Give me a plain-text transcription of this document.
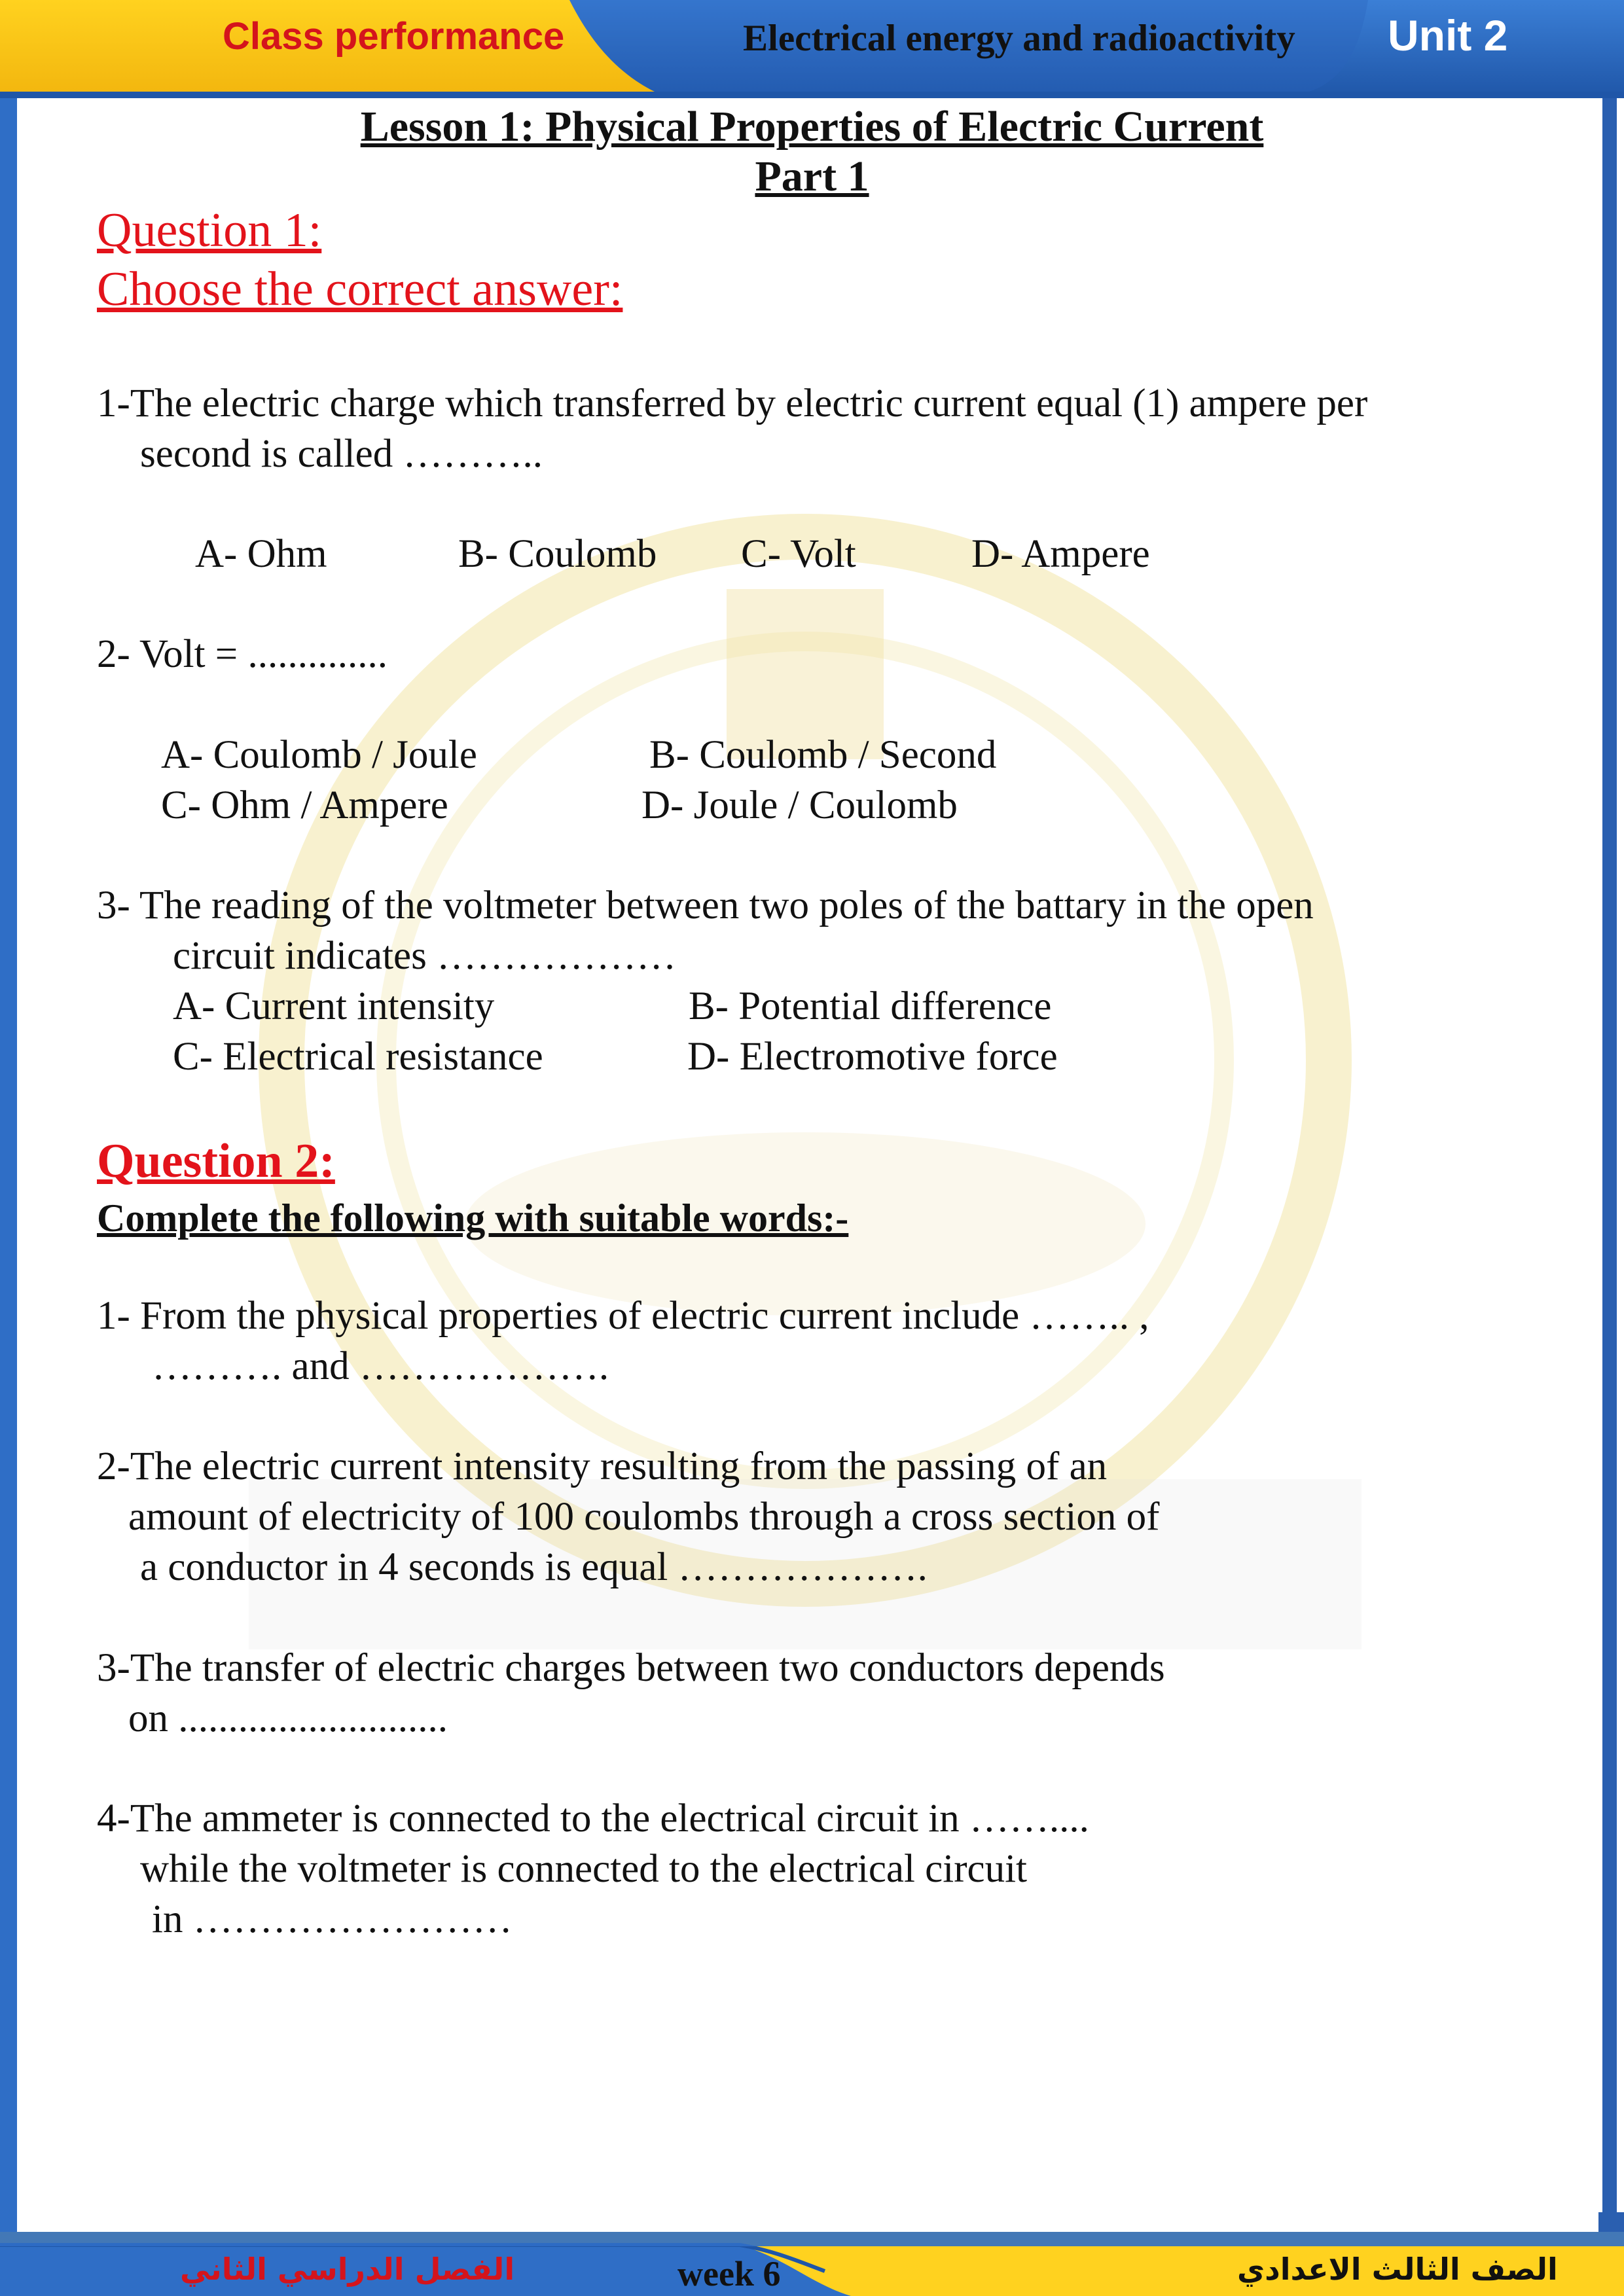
Class performance	Electrical energy and radioactivity Unit 2
Lesson 1: Physical Properties of Electric Current
Part 1
Question 1:
Choose the correct answer:
1-The electric charge which transferred by electric current equal (1) ampere per
second is called ………..
A- Ohm	B- Coulomb C- Volt	D- Ampere
2- Volt = ..............
A- Coulomb / Joule	B- Coulomb / Second
C- Ohm / Ampere	D- Joule / Coulomb
3- The reading of the voltmeter between two poles of the battary in the open
circuit indicates ………………
A- Current intensity	B- Potential difference
C- Electrical resistance	D- Electromotive force
Question 2:
Complete the following with suitable words:-
1- From the physical properties of electric current include …….. ,
………. and ……………….
2-The electric current intensity resulting from the passing of an
amount of electricity of 100 coulombs through a cross section of
a conductor in 4 seconds is equal ……………….
3-The transfer of electric charges between two conductors depends
on ...........................
4-The ammeter is connected to the electrical circuit in ……....
while the voltmeter is connected to the electrical circuit
in ……………………
الفصل الدراسي الثاني	week 6	الصف الثالث الاعدادي
